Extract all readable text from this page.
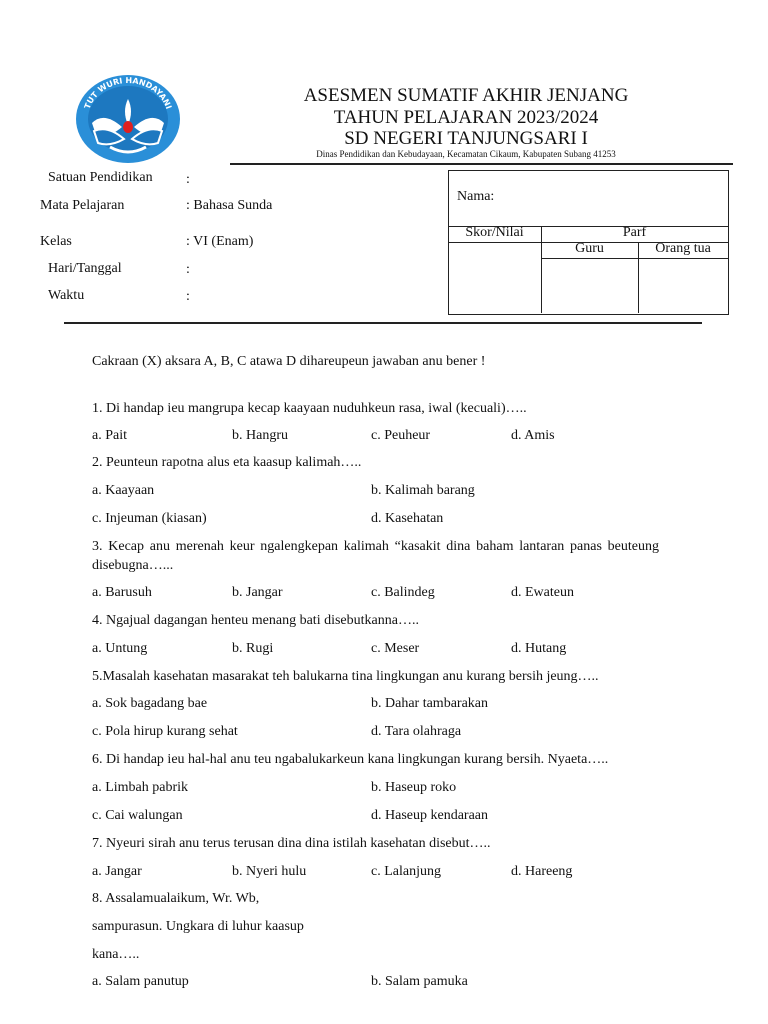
TUT WURI HANDAYANI
ASESMEN SUMATIF AKHIR JENJANG
TAHUN PELAJARAN 2023/2024
SD NEGERI TANJUNGSARI I
Dinas Pendidikan dan Kebudayaan, Kecamatan Cikaum, Kabupaten Subang 41253
Satuan Pendidikan :
Mata Pelajaran	: Bahasa Sunda
Kelas	: VI (Enam)
Hari/Tanggal	:
Waktu	:
Nama:
Skor/Nilai	Parf
Guru	Orang tua
Cakraan (X) aksara A, B, C atawa D dihareupeun jawaban anu bener !
1. Di handap ieu mangrupa kecap kaayaan nuduhkeun rasa, iwal (kecuali)…..
a. Pait	b. Hangru	c. Peuheur	d. Amis
2. Peunteun rapotna alus eta kaasup kalimah…..
a. Kaayaan	b. Kalimah barang
c. Injeuman (kiasan)	d. Kasehatan
3. Kecap anu merenah keur ngalengkepan kalimah “kasakit dina baham lantaran panas beuteung disebugna…...
a. Barusuh	b. Jangar	c. Balindeg	d. Ewateun
4. Ngajual dagangan henteu menang bati disebutkanna…..
a. Untung	b. Rugi	c. Meser	d. Hutang
5.Masalah kasehatan masarakat teh balukarna tina lingkungan anu kurang bersih jeung…..
a. Sok bagadang bae	b. Dahar tambarakan
c. Pola hirup kurang sehat	d. Tara olahraga
6. Di handap ieu hal-hal anu teu ngabalukarkeun kana lingkungan kurang bersih. Nyaeta…..
a. Limbah pabrik	b. Haseup roko
c. Cai walungan	d. Haseup kendaraan
7. Nyeuri sirah anu terus terusan dina dina istilah kasehatan disebut…..
a. Jangar	b. Nyeri hulu	c. Lalanjung	d. Hareeng
8. Assalamualaikum, Wr. Wb,
sampurasun. Ungkara di luhur kaasup
kana…..
a. Salam panutup	b. Salam pamuka
